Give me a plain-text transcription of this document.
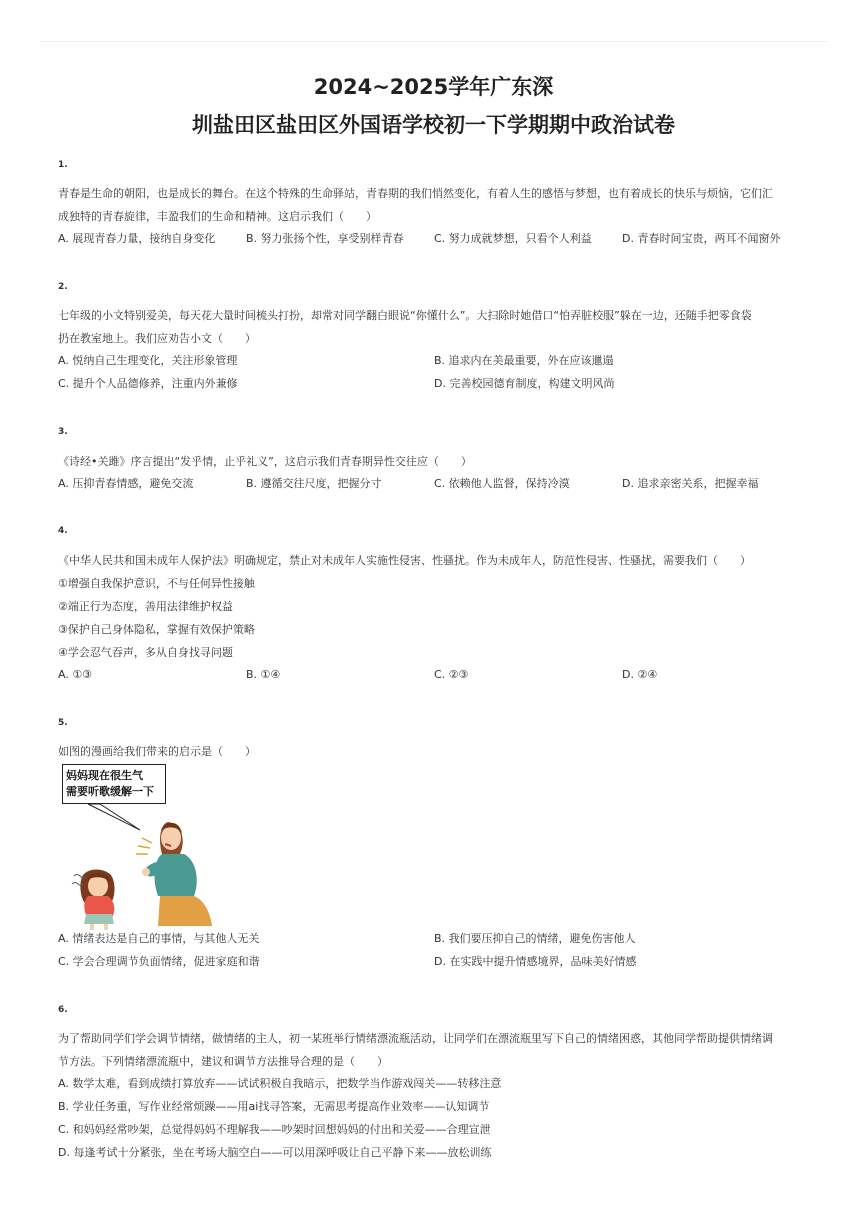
2024~2025学年广东深
圳盐田区盐田区外国语学校初一下学期期中政治试卷
1.
青春是生命的朝阳，也是成长的舞台。在这个特殊的生命驿站，青春期的我们悄然变化，有着人生的感悟与梦想，也有着成长的快乐与烦恼，它们汇
成独特的青春旋律，丰盈我们的生命和精神。这启示我们（　　）
A. 展现青春力量，接纳自身变化	B. 努力张扬个性，享受别样青春	C. 努力成就梦想，只看个人利益	D. 青春时间宝贵，两耳不闻窗外
2.
七年级的小文特别爱美，每天花大量时间梳头打扮，却常对同学翻白眼说“你懂什么”。大扫除时她借口“怕弄脏校服”躲在一边，还随手把零食袋
扔在教室地上。我们应劝告小文（　　）
A. 悦纳自己生理变化，关注形象管理	B. 追求内在美最重要，外在应该邋遢
C. 提升个人品德修养，注重内外兼修	D. 完善校园德育制度，构建文明风尚
3.
《诗经•关雎》序言提出“发乎情，止乎礼义”，这启示我们青春期异性交往应（　　）
A. 压抑青春情感，避免交流	B. 遵循交往尺度，把握分寸	C. 依赖他人监督，保持冷漠	D. 追求亲密关系，把握幸福
4.
《中华人民共和国未成年人保护法》明确规定，禁止对未成年人实施性侵害、性骚扰。作为未成年人，防范性侵害、性骚扰，需要我们（　　）
①增强自我保护意识，不与任何异性接触
②端正行为态度，善用法律维护权益
③保护自己身体隐私，掌握有效保护策略
④学会忍气吞声，多从自身找寻问题
A. ①③	B. ①④	C. ②③	D. ②④
5.
如图的漫画给我们带来的启示是（　　）
妈妈现在很生气
需要听歌缓解一下
A. 情绪表达是自己的事情，与其他人无关	B. 我们要压抑自己的情绪，避免伤害他人
C. 学会合理调节负面情绪，促进家庭和谐	D. 在实践中提升情感境界，品味美好情感
6.
为了帮助同学们学会调节情绪，做情绪的主人，初一某班举行情绪漂流瓶活动，让同学们在漂流瓶里写下自己的情绪困惑，其他同学帮助提供情绪调
节方法。下列情绪漂流瓶中，建议和调节方法推导合理的是（　　）
A. 数学太难，看到成绩打算放弃——试试积极自我暗示，把数学当作游戏闯关——转移注意
B. 学业任务重，写作业经常烦躁——用ai找寻答案，无需思考提高作业效率——认知调节
C. 和妈妈经常吵架，总觉得妈妈不理解我——吵架时回想妈妈的付出和关爱——合理宣泄
D. 每逢考试十分紧张，坐在考场大脑空白——可以用深呼吸让自己平静下来——放松训练
